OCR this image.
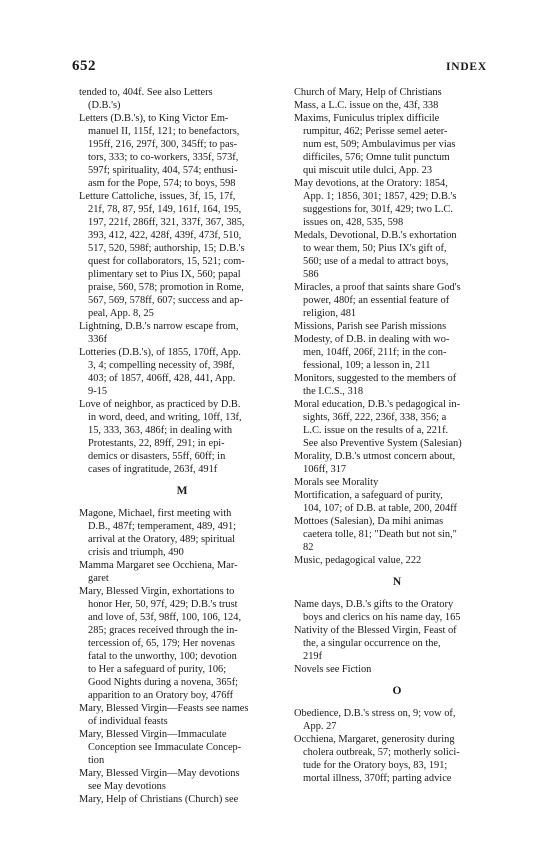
652	INDEX

tended to, 404f. See also Letters
(D.B.'s)

Letters (D.B.'s), to King Victor Em-
manuel II, 115f, 121; to benefactors,
195ff, 216, 297f, 300, 345ff; to pas-
tors, 333; to co-workers, 335f, 573f,
597f; spirituality, 404, 574; enthusi-
asm for the Pope, 574; to boys, 598

Letture Cattoliche, issues, 3f, 15, 17f,
21f, 78, 87, 95f, 149, 161f, 164, 195,
197, 221f, 286ff, 321, 337f, 367, 385,
393, 412, 422, 428f, 439f, 473f, 510,
517, 520, 598f; authorship, 15; D.B.'s
quest for collaborators, 15, 521; com-
plimentary set to Pius IX, 560; papal
praise, 560, 578; promotion in Rome,
567, 569, 578ff, 607; success and ap-
peal, App. 8, 25

Lightning, D.B.'s narrow escape from,
336f

Lotteries (D.B.'s), of 1855, 170ff, App.
3, 4; compelling necessity of, 398f,
403; of 1857, 406ff, 428, 441, App.
9-15

Love of neighbor, as practiced by D.B.
in word, deed, and writing, 10ff, 13f,
15, 333, 363, 486f; in dealing with
Protestants, 22, 89ff, 291; in epi-
demics or disasters, 55ff, 60ff; in
cases of ingratitude, 263f, 491f

M

Magone, Michael, first meeting with
D.B., 487f; temperament, 489, 491;
arrival at the Oratory, 489; spiritual
crisis and triumph, 490

Mamma Margaret see Occhiena, Mar-
garet

Mary, Blessed Virgin, exhortations to
honor Her, 50, 97f, 429; D.B.'s trust
and love of, 53f, 98ff, 100, 106, 124,
285; graces received through the in-
tercession of, 65, 179; Her novenas
fatal to the unworthy, 100; devotion
to Her a safeguard of purity, 106;
Good Nights during a novena, 365f;
apparition to an Oratory boy, 476ff

Mary, Blessed Virgin—Feasts see names
of individual feasts

Mary, Blessed Virgin—Immaculate
Conception see Immaculate Concep-
tion

Mary, Blessed Virgin—May devotions
see May devotions

Mary, Help of Christians (Church) see

Church of Mary, Help of Christians

Mass, a L.C. issue on the, 43f, 338

Maxims, Funiculus triplex difficile
rumpitur, 462; Perisse semel aeter-
num est, 509; Ambulavimus per vias
difficiles, 576; Omne tulit punctum
qui miscuit utile dulci, App. 23

May devotions, at the Oratory: 1854,
App. 1; 1856, 301; 1857, 429; D.B.'s
suggestions for, 301f, 429; two L.C.
issues on, 428, 535, 598

Medals, Devotional, D.B.'s exhortation
to wear them, 50; Pius IX's gift of,
560; use of a medal to attract boys,
586

Miracles, a proof that saints share God's
power, 480f; an essential feature of
religion, 481

Missions, Parish see Parish missions

Modesty, of D.B. in dealing with wo-
men, 104ff, 206f, 211f; in the con-
fessional, 109; a lesson in, 211

Monitors, suggested to the members of
the I.C.S., 318

Moral education, D.B.'s pedagogical in-
sights, 36ff, 222, 236f, 338, 356; a
L.C. issue on the results of a, 221f.
See also Preventive System (Salesian)

Morality, D.B.'s utmost concern about,
106ff, 317

Morals see Morality

Mortification, a safeguard of purity,
104, 107; of D.B. at table, 200, 204ff

Mottoes (Salesian), Da mihi animas
caetera tolle, 81; "Death but not sin,"
82

Music, pedagogical value, 222

N

Name days, D.B.'s gifts to the Oratory
boys and clerics on his name day, 165

Nativity of the Blessed Virgin, Feast of
the, a singular occurrence on the,
219f

Novels see Fiction

O

Obedience, D.B.'s stress on, 9; vow of,
App. 27

Occhiena, Margaret, generosity during
cholera outbreak, 57; motherly solici-
tude for the Oratory boys, 83, 191;
mortal illness, 370ff; parting advice
